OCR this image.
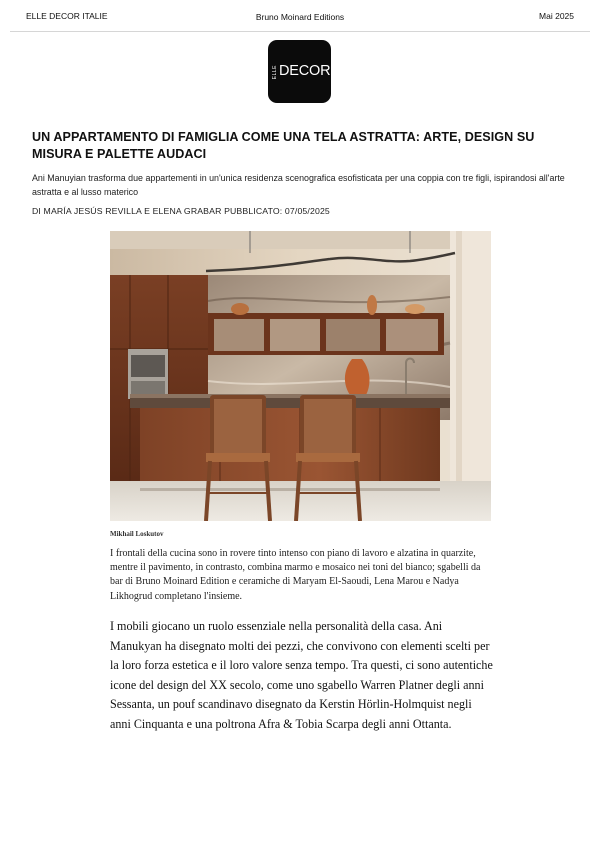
ELLE DECOR ITALIE	Bruno Moinard Editions	Mai 2025
ELLE DECOR
UN APPARTAMENTO DI FAMIGLIA COME UNA TELA ASTRATTA: ARTE, DESIGN SU MISURA E PALETTE AUDACI
Ani Manuyian trasforma due appartementi in un'unica residenza scenografica esofisticata per una coppia con tre figli, ispirandosi all'arte astratta e al lusso materico
DI MARÍA JESÚS REVILLA E ELENA GRABAR PUBBLICATO: 07/05/2025
Mikhail Loskutov
I frontali della cucina sono in rovere tinto intenso con piano di lavoro e alzatina in quarzite, mentre il pavimento, in contrasto, combina marmo e mosaico nei toni del bianco; sgabelli da bar di Bruno Moinard Edition e ceramiche di Maryam El-Saoudi, Lena Marou e Nadya Likhogrud completano l'insieme.
I mobili giocano un ruolo essenziale nella personalità della casa. Ani Manukyan ha disegnato molti dei pezzi, che convivono con elementi scelti per la loro forza estetica e il loro valore senza tempo. Tra questi, ci sono autentiche icone del design del XX secolo, come uno sgabello Warren Platner degli anni Sessanta, un pouf scandinavo disegnato da Kerstin Hörlin-Holmquist negli anni Cinquanta e una poltrona Afra & Tobia Scarpa degli anni Ottanta.
